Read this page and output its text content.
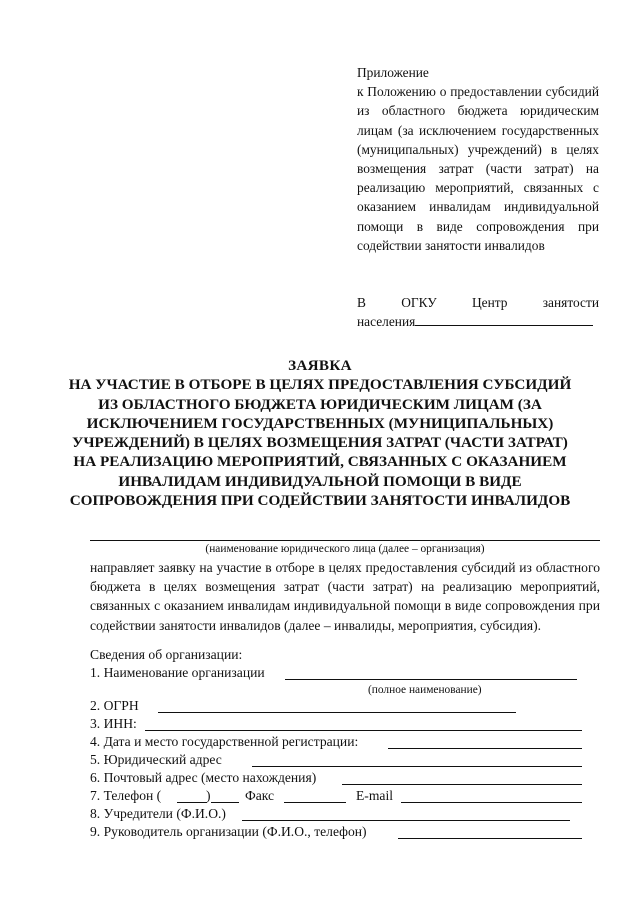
Приложение
к Положению о предоставлении субсидий из областного бюджета юридическим лицам (за исключением государственных (муниципальных) учреждений) в целях возмещения затрат (части затрат) на реализацию мероприятий, связанных с оказанием инвалидам индивидуальной помощи в виде сопровождения при содействии занятости инвалидов
В ОГКУ Центр занятости
населения
ЗАЯВКА
НА УЧАСТИЕ В ОТБОРЕ В ЦЕЛЯХ ПРЕДОСТАВЛЕНИЯ СУБСИДИЙ ИЗ ОБЛАСТНОГО БЮДЖЕТА ЮРИДИЧЕСКИМ ЛИЦАМ (ЗА ИСКЛЮЧЕНИЕМ ГОСУДАРСТВЕННЫХ (МУНИЦИПАЛЬНЫХ) УЧРЕЖДЕНИЙ) В ЦЕЛЯХ ВОЗМЕЩЕНИЯ ЗАТРАТ (ЧАСТИ ЗАТРАТ) НА РЕАЛИЗАЦИЮ МЕРОПРИЯТИЙ, СВЯЗАННЫХ С ОКАЗАНИЕМ ИНВАЛИДАМ ИНДИВИДУАЛЬНОЙ ПОМОЩИ В ВИДЕ СОПРОВОЖДЕНИЯ ПРИ СОДЕЙСТВИИ ЗАНЯТОСТИ ИНВАЛИДОВ
(наименование юридического лица (далее – организация)
направляет заявку на участие в отборе в целях предоставления субсидий из областного бюджета в целях возмещения затрат (части затрат) на реализацию мероприятий, связанных с оказанием инвалидам индивидуальной помощи в виде сопровождения при содействии занятости инвалидов (далее – инвалиды, мероприятия, субсидия).
Сведения об организации:
1. Наименование организации
(полное наименование)
2. ОГРН
3. ИНН:
4. Дата и место государственной регистрации:
5. Юридический адрес
6. Почтовый адрес (место нахождения)
7. Телефон (	)	Факс	E-mail
8. Учредители (Ф.И.О.)
9. Руководитель организации (Ф.И.О., телефон)
